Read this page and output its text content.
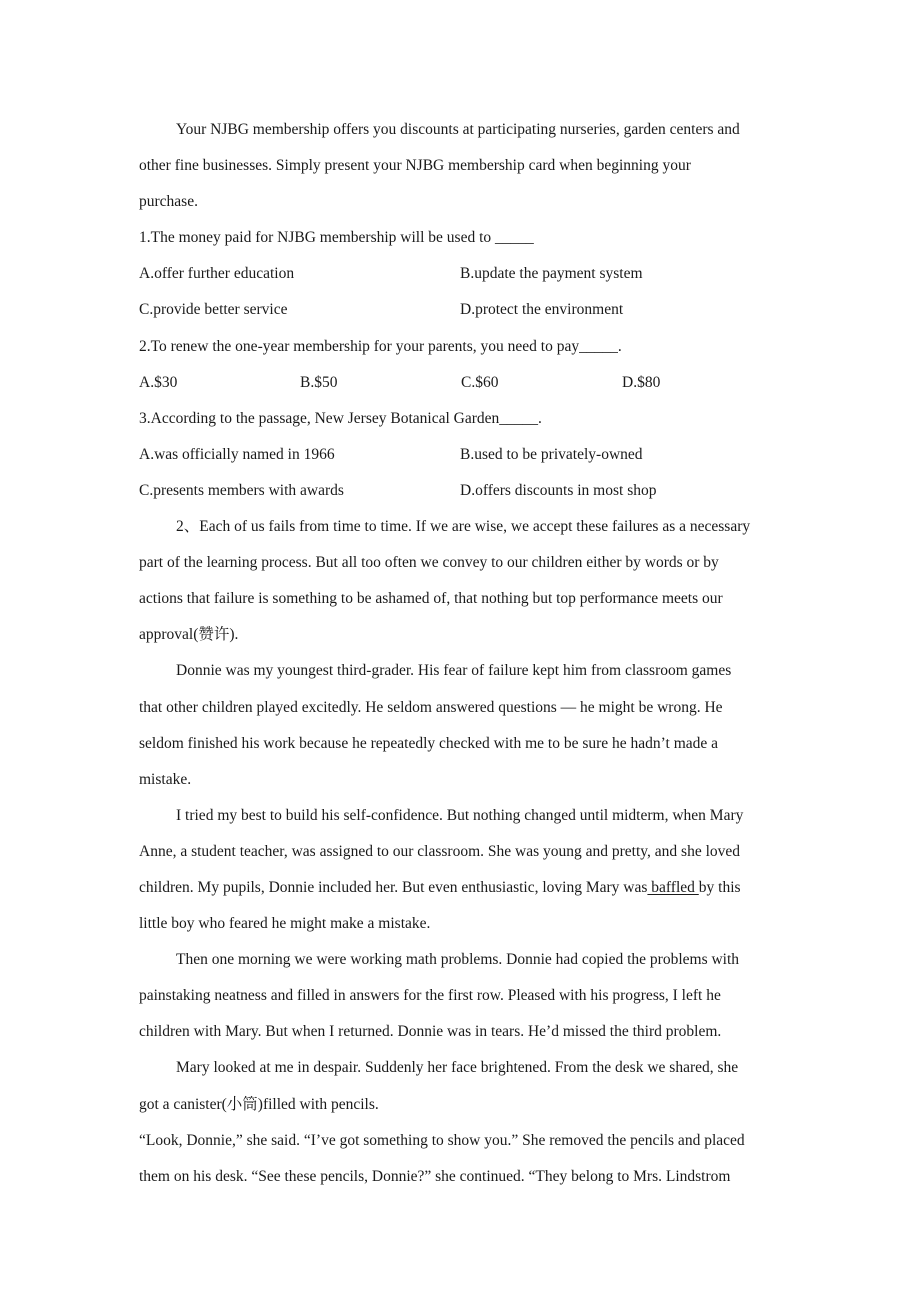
Your NJBG membership offers you discounts at participating nurseries, garden centers and
other fine businesses. Simply present your NJBG membership card when beginning your
purchase.
1.The money paid for NJBG membership will be used to _____
A.offer further education	B.update the payment system
C.provide better service	D.protect the environment
2.To renew the one-year membership for your parents, you need to pay_____.
A.$30	B.$50	C.$60	D.$80
3.According to the passage, New Jersey Botanical Garden_____.
A.was officially named in 1966	B.used to be privately-owned
C.presents members with awards	D.offers discounts in most shop
2、Each of us fails from time to time. If we are wise, we accept these failures as a necessary
part of the learning process. But all too often we convey to our children either by words or by
actions that failure is something to be ashamed of, that nothing but top performance meets our
approval(赞许).
Donnie was my youngest third-grader. His fear of failure kept him from classroom games
that other children played excitedly. He seldom answered questions — he might be wrong. He
seldom finished his work because he repeatedly checked with me to be sure he hadn’t made a
mistake.
I tried my best to build his self-confidence. But nothing changed until midterm, when Mary
Anne, a student teacher, was assigned to our classroom. She was young and pretty, and she loved
children. My pupils, Donnie included her. But even enthusiastic, loving Mary was baffled by this
little boy who feared he might make a mistake.
Then one morning we were working math problems. Donnie had copied the problems with
painstaking neatness and filled in answers for the first row. Pleased with his progress, I left he
children with Mary. But when I returned. Donnie was in tears. He’d missed the third problem.
Mary looked at me in despair. Suddenly her face brightened. From the desk we shared, she
got a canister(小筒)filled with pencils.
“Look, Donnie,” she said. “I’ve got something to show you.” She removed the pencils and placed
them on his desk. “See these pencils, Donnie?” she continued. “They belong to Mrs. Lindstrom
